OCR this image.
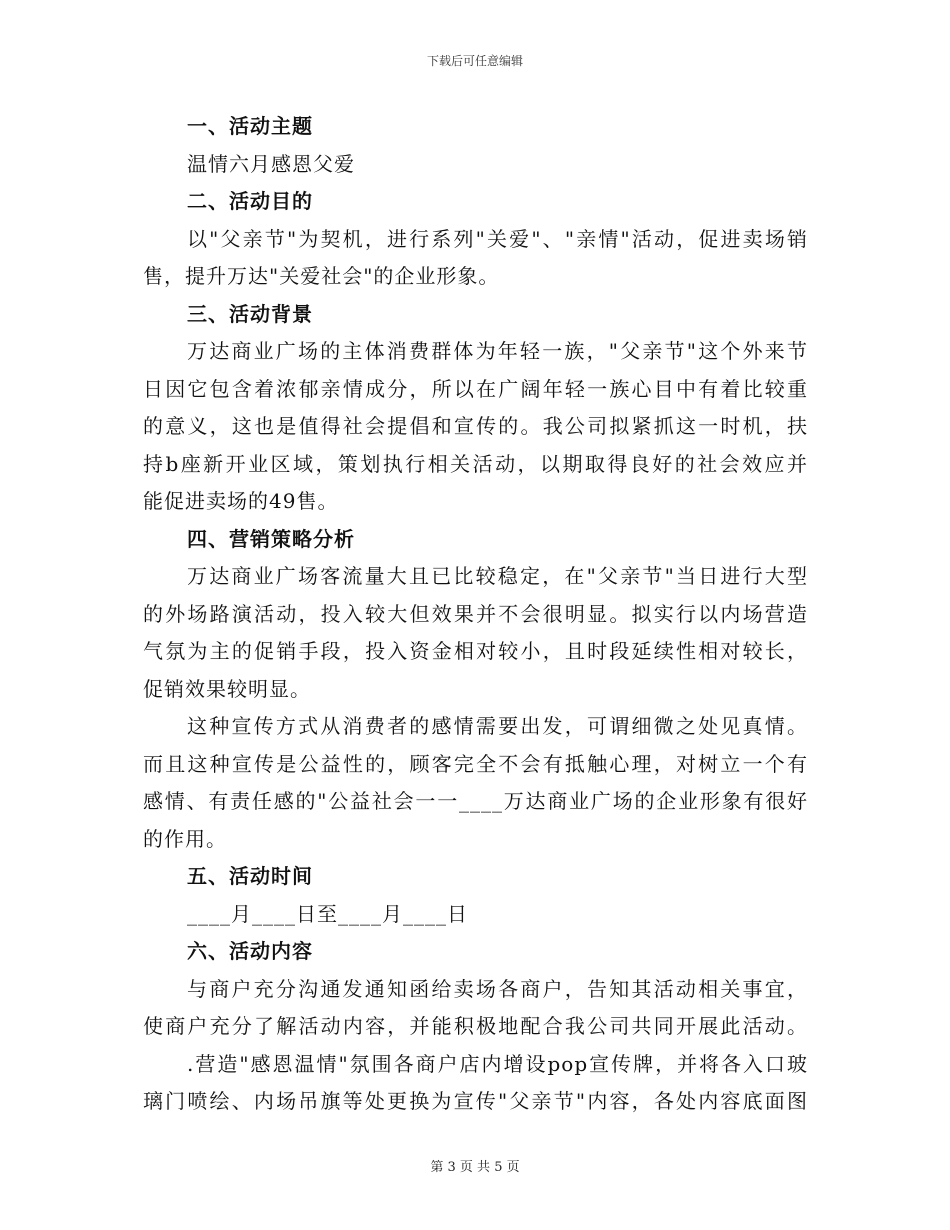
下载后可任意编辑
一、活动主题
温情六月感恩父爱
二、活动目的
以"父亲节"为契机，进行系列"关爱"、"亲情"活动，促进卖场销
售，提升万达"关爱社会"的企业形象。
三、活动背景
万达商业广场的主体消费群体为年轻一族，"父亲节"这个外来节
日因它包含着浓郁亲情成分，所以在广阔年轻一族心目中有着比较重
的意义，这也是值得社会提倡和宣传的。我公司拟紧抓这一时机，扶
持b座新开业区域，策划执行相关活动，以期取得良好的社会效应并
能促进卖场的49售。
四、营销策略分析
万达商业广场客流量大且已比较稳定，在"父亲节"当日进行大型
的外场路演活动，投入较大但效果并不会很明显。拟实行以内场营造
气氛为主的促销手段，投入资金相对较小，且时段延续性相对较长，
促销效果较明显。
这种宣传方式从消费者的感情需要出发，可谓细微之处见真情。
而且这种宣传是公益性的，顾客完全不会有抵触心理，对树立一个有
感情、有责任感的"公益社会一一____万达商业广场的企业形象有很好
的作用。
五、活动时间
____月____日至____月____日
六、活动内容
与商户充分沟通发通知函给卖场各商户，告知其活动相关事宜，
使商户充分了解活动内容，并能积极地配合我公司共同开展此活动。
.营造"感恩温情"氛围各商户店内增设pop宣传牌，并将各入口玻
璃门喷绘、内场吊旗等处更换为宣传"父亲节"内容，各处内容底面图
第 3 页 共 5 页
